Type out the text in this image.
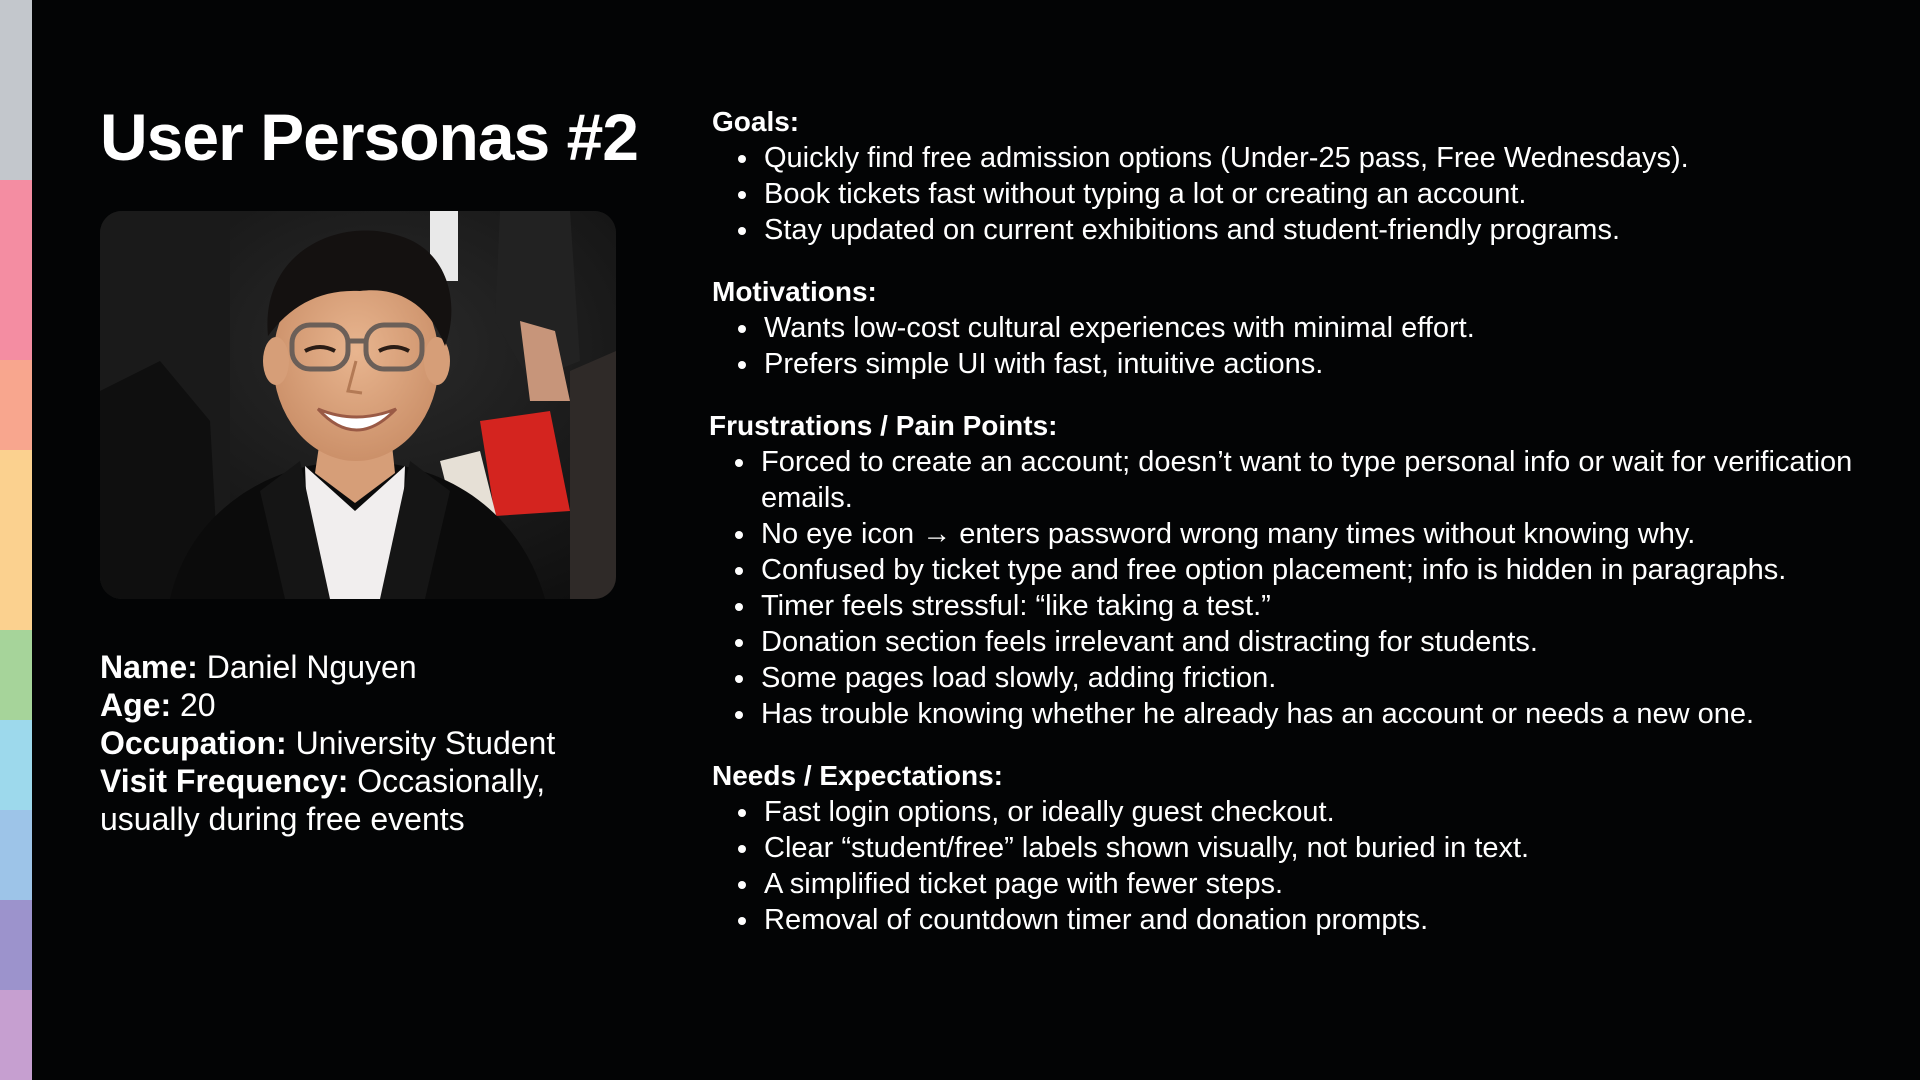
User Personas #2

Name: Daniel Nguyen

Age: 20

Occupation: University Student

Visit Frequency: Occasionally, usually during free events

Goals:
Quickly find free admission options (Under-25 pass, Free Wednesdays).
Book tickets fast without typing a lot or creating an account.
Stay updated on current exhibitions and student-friendly programs.
Motivations:
Wants low-cost cultural experiences with minimal effort.
Prefers simple UI with fast, intuitive actions.
Frustrations / Pain Points:
Forced to create an account; doesn’t want to type personal info or wait for verification emails.
No eye icon → enters password wrong many times without knowing why.
Confused by ticket type and free option placement; info is hidden in paragraphs.
Timer feels stressful: “like taking a test.”
Donation section feels irrelevant and distracting for students.
Some pages load slowly, adding friction.
Has trouble knowing whether he already has an account or needs a new one.
Needs / Expectations:
Fast login options, or ideally guest checkout.
Clear “student/free” labels shown visually, not buried in text.
A simplified ticket page with fewer steps.
Removal of countdown timer and donation prompts.
